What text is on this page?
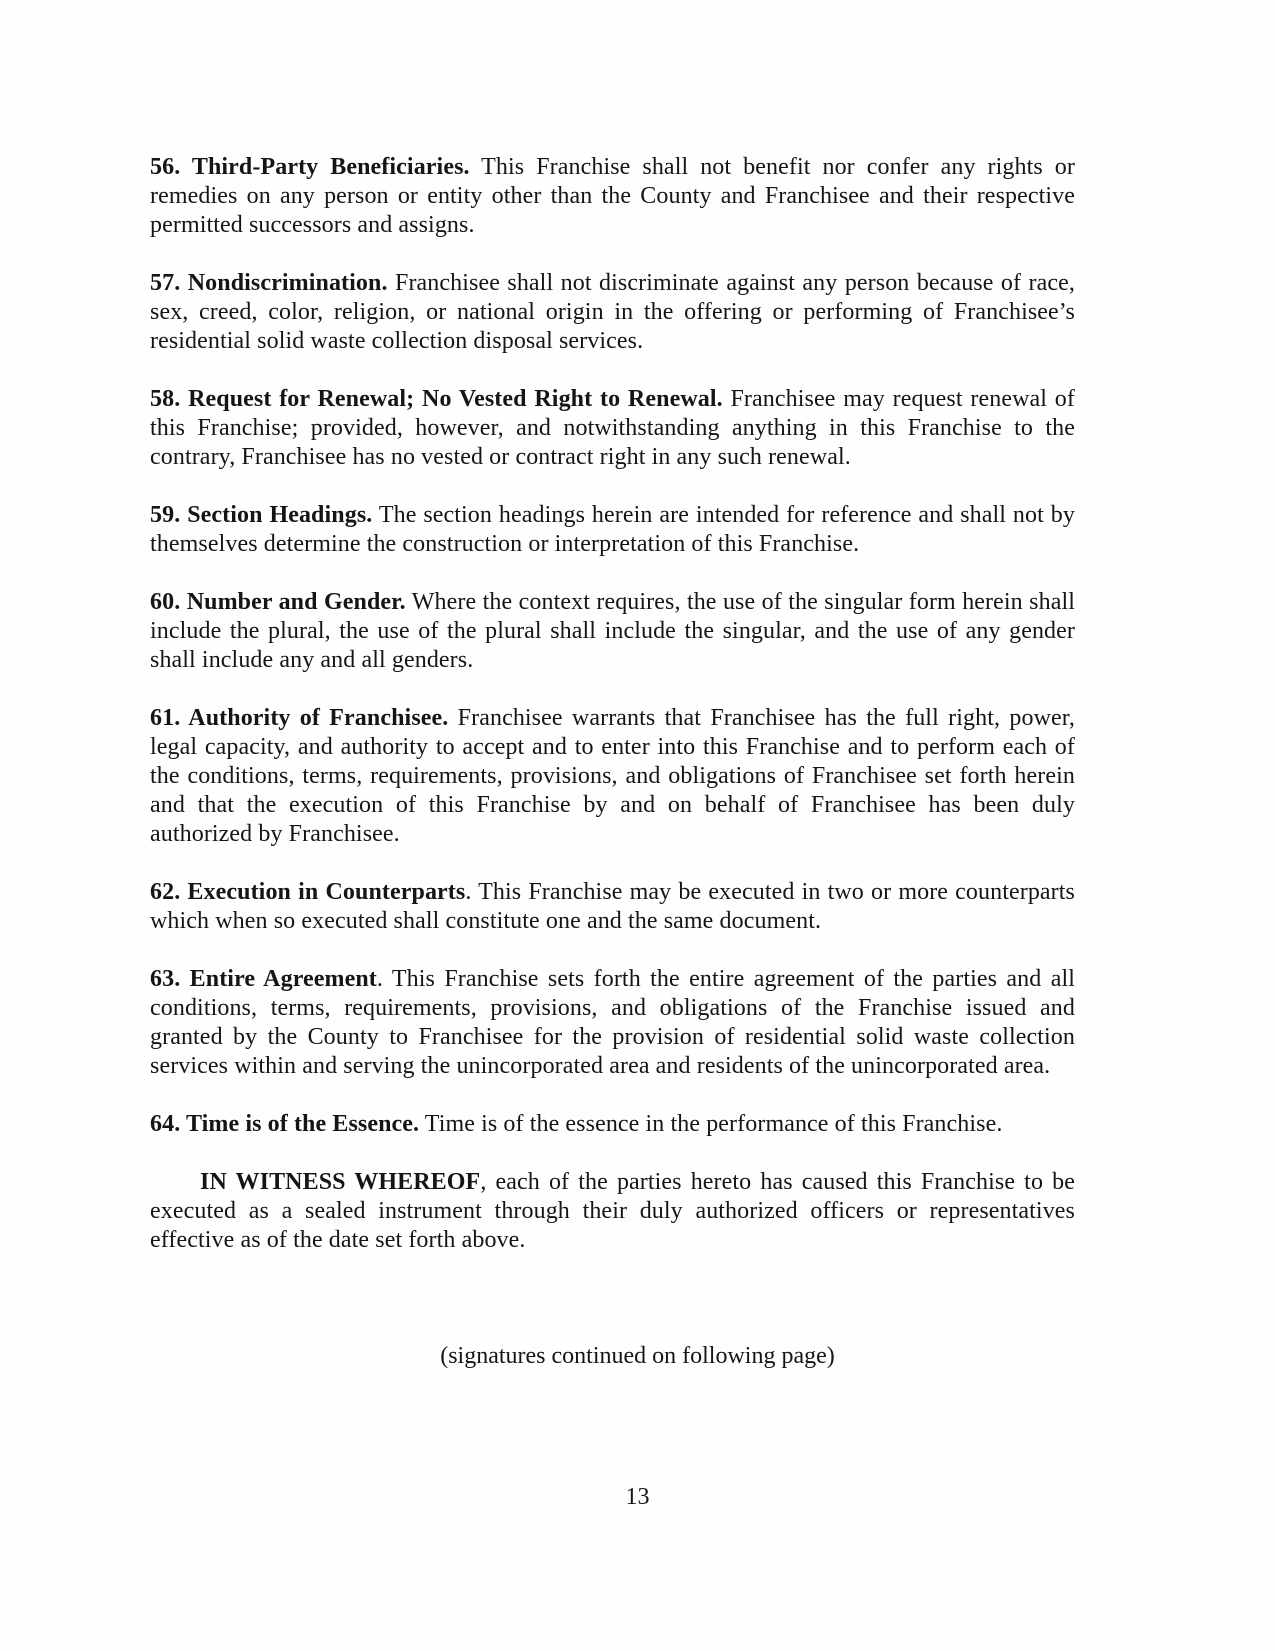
56. Third-Party Beneficiaries. This Franchise shall not benefit nor confer any rights or remedies on any person or entity other than the County and Franchisee and their respective permitted successors and assigns.

57. Nondiscrimination. Franchisee shall not discriminate against any person because of race, sex, creed, color, religion, or national origin in the offering or performing of Franchisee’s residential solid waste collection disposal services.

58. Request for Renewal; No Vested Right to Renewal. Franchisee may request renewal of this Franchise; provided, however, and notwithstanding anything in this Franchise to the contrary, Franchisee has no vested or contract right in any such renewal.

59. Section Headings. The section headings herein are intended for reference and shall not by themselves determine the construction or interpretation of this Franchise.

60. Number and Gender. Where the context requires, the use of the singular form herein shall include the plural, the use of the plural shall include the singular, and the use of any gender shall include any and all genders.

61. Authority of Franchisee. Franchisee warrants that Franchisee has the full right, power, legal capacity, and authority to accept and to enter into this Franchise and to perform each of the conditions, terms, requirements, provisions, and obligations of Franchisee set forth herein and that the execution of this Franchise by and on behalf of Franchisee has been duly authorized by Franchisee.

62. Execution in Counterparts. This Franchise may be executed in two or more counterparts which when so executed shall constitute one and the same document.

63. Entire Agreement. This Franchise sets forth the entire agreement of the parties and all conditions, terms, requirements, provisions, and obligations of the Franchise issued and granted by the County to Franchisee for the provision of residential solid waste collection services within and serving the unincorporated area and residents of the unincorporated area.

64. Time is of the Essence. Time is of the essence in the performance of this Franchise.

IN WITNESS WHEREOF, each of the parties hereto has caused this Franchise to be executed as a sealed instrument through their duly authorized officers or representatives effective as of the date set forth above.

(signatures continued on following page)
13
